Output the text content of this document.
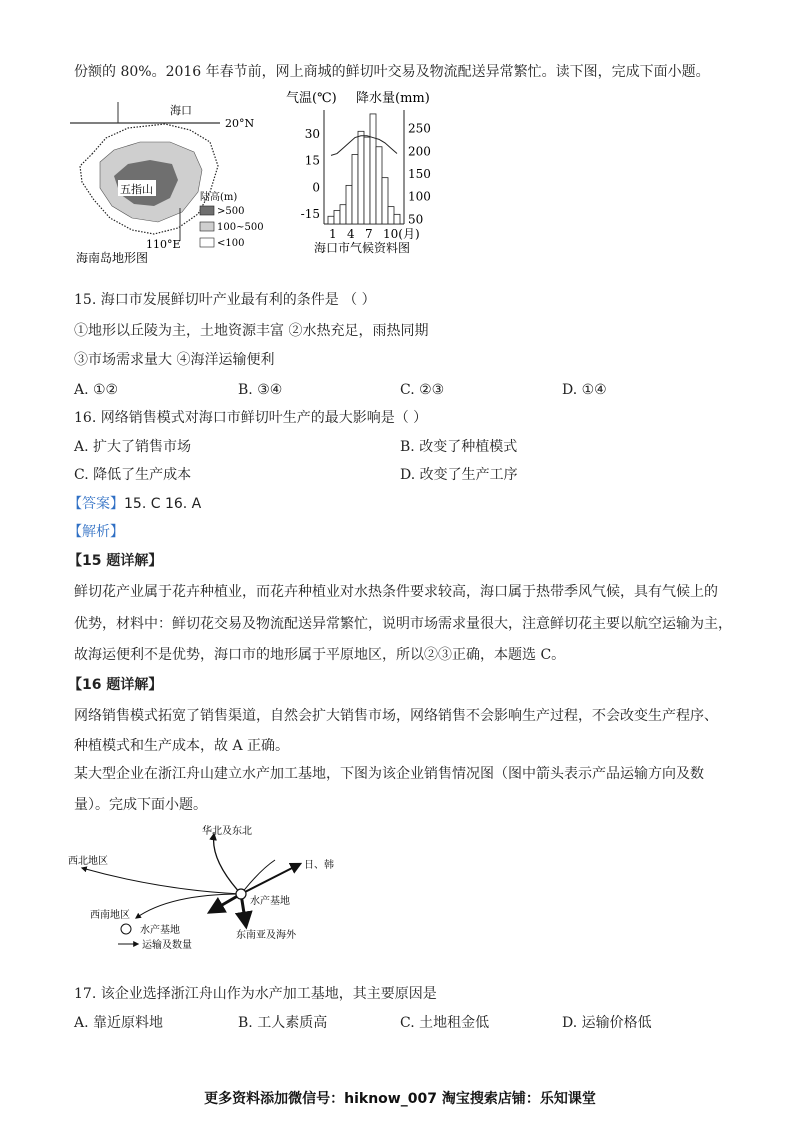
份额的 80%。2016 年春节前，网上商城的鲜切叶交易及物流配送异常繁忙。读下图，完成下面小题。
海口
20°N
五指山
110°E
陆高(m)
>500
100~500
<100
海南岛地形图
气温(℃) 降水量(mm)
30
15
0
-15
250
200
150
100
50
1 4 7 10(月)
海口市气候资料图
15. 海口市发展鲜切叶产业最有利的条件是 （ ）
①地形以丘陵为主，土地资源丰富 ②水热充足，雨热同期
③市场需求量大 ④海洋运输便利
A. ①②	B. ③④	C. ②③	D. ①④
16. 网络销售模式对海口市鲜切叶生产的最大影响是（ ）
A. 扩大了销售市场	B. 改变了种植模式
C. 降低了生产成本	D. 改变了生产工序
【答案】15. C 16. A
【解析】
【15 题详解】
鲜切花产业属于花卉种植业，而花卉种植业对水热条件要求较高，海口属于热带季风气候，具有气候上的
优势，材料中：鲜切花交易及物流配送异常繁忙，说明市场需求量很大，注意鲜切花主要以航空运输为主，
故海运便利不是优势，海口市的地形属于平原地区，所以②③正确，本题选 C。
【16 题详解】
网络销售模式拓宽了销售渠道，自然会扩大销售市场，网络销售不会影响生产过程，不会改变生产程序、
种植模式和生产成本，故 A 正确。
某大型企业在浙江舟山建立水产加工基地，下图为该企业销售情况图（图中箭头表示产品运输方向及数
量）。完成下面小题。
华北及东北
日、韩
西北地区
西南地区
水产基地
东南亚及海外
水产基地
运输及数量
17. 该企业选择浙江舟山作为水产加工基地，其主要原因是
A. 靠近原料地	B. 工人素质高	C. 土地租金低	D. 运输价格低
更多资料添加微信号：hiknow_007 淘宝搜索店铺：乐知课堂
